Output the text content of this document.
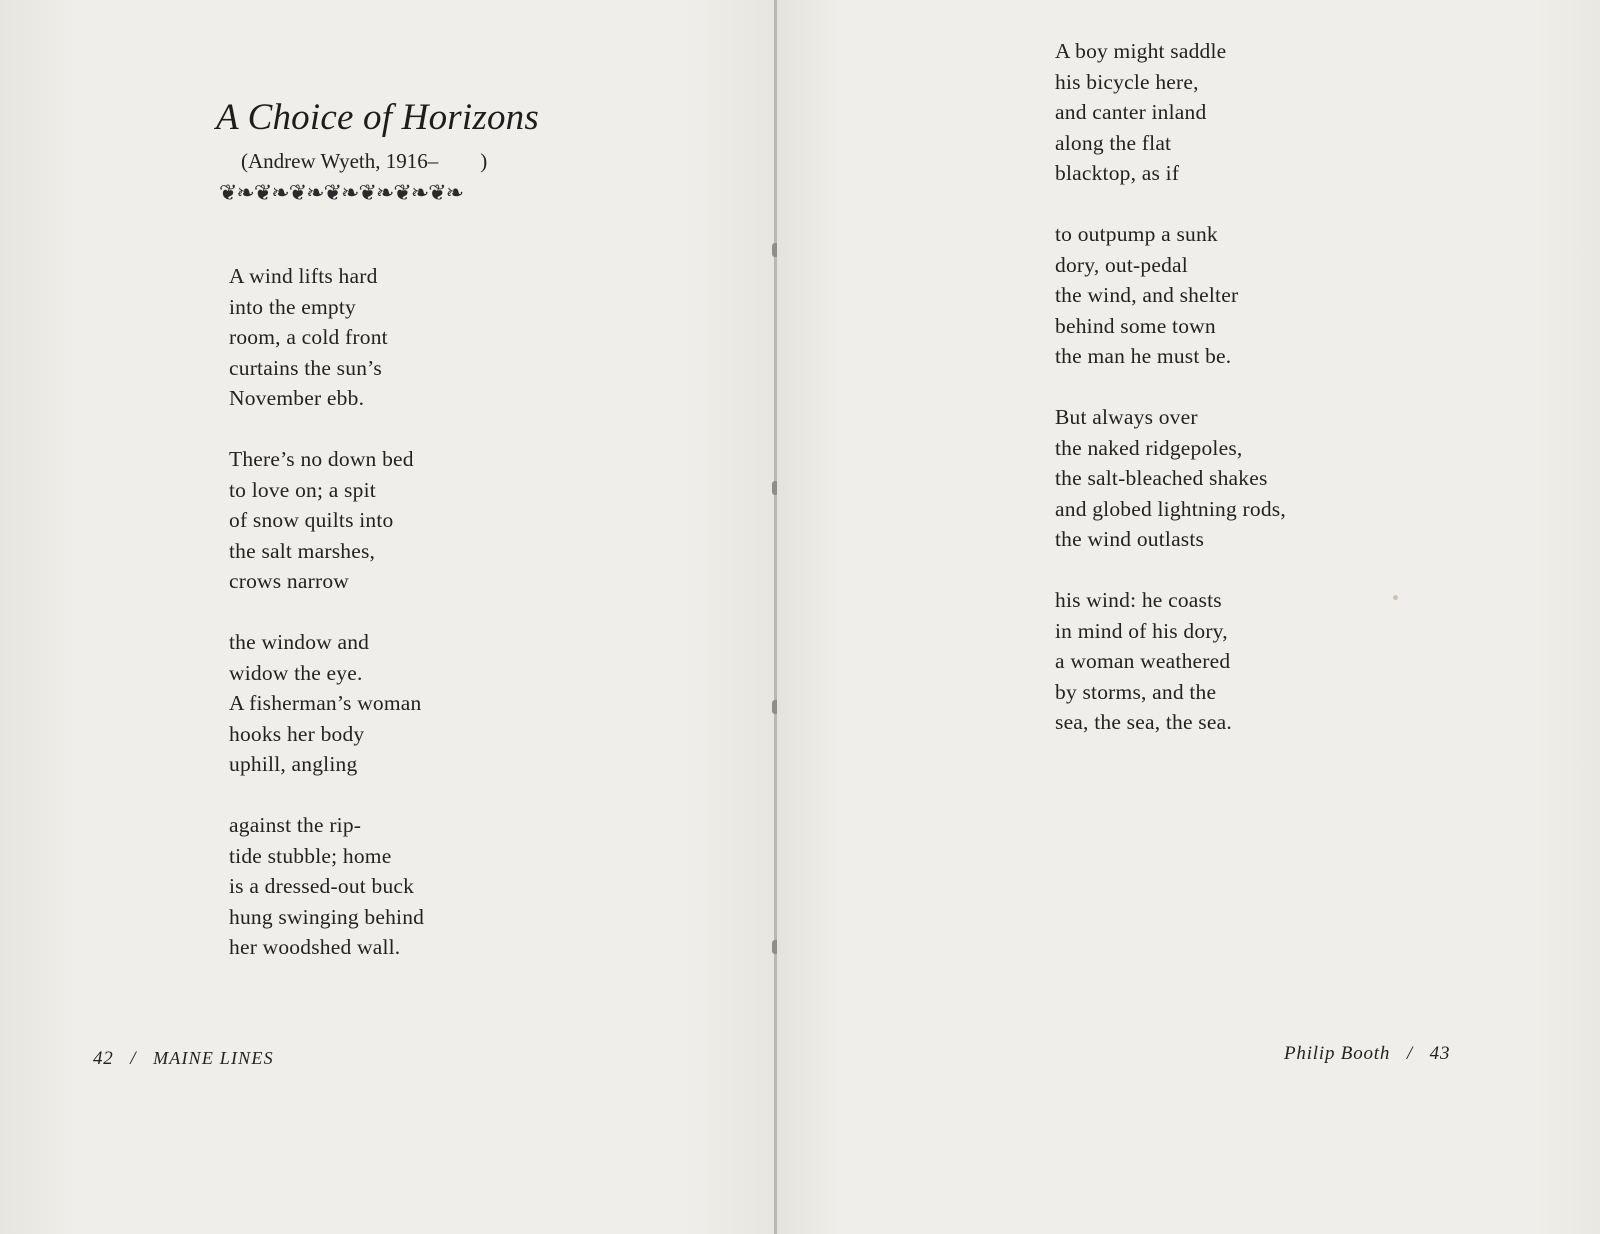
A Choice of Horizons
(Andrew Wyeth, 1916–  )
❦❧❦❧❦❧❦❧❦❧❦❧❦❧
A wind lifts hard
into the empty
room, a cold front
curtains the sun’s
November ebb.
There’s no down bed
to love on; a spit
of snow quilts into
the salt marshes,
crows narrow
the window and
widow the eye.
A fisherman’s woman
hooks her body
uphill, angling
against the rip-
tide stubble; home
is a dressed-out buck
hung swinging behind
her woodshed wall.
42 / MAINE LINES
A boy might saddle
his bicycle here,
and canter inland
along the flat
blacktop, as if
to outpump a sunk
dory, out-pedal
the wind, and shelter
behind some town
the man he must be.
But always over
the naked ridgepoles,
the salt-bleached shakes
and globed lightning rods,
the wind outlasts
his wind: he coasts
in mind of his dory,
a woman weathered
by storms, and the
sea, the sea, the sea.
Philip Booth / 43
